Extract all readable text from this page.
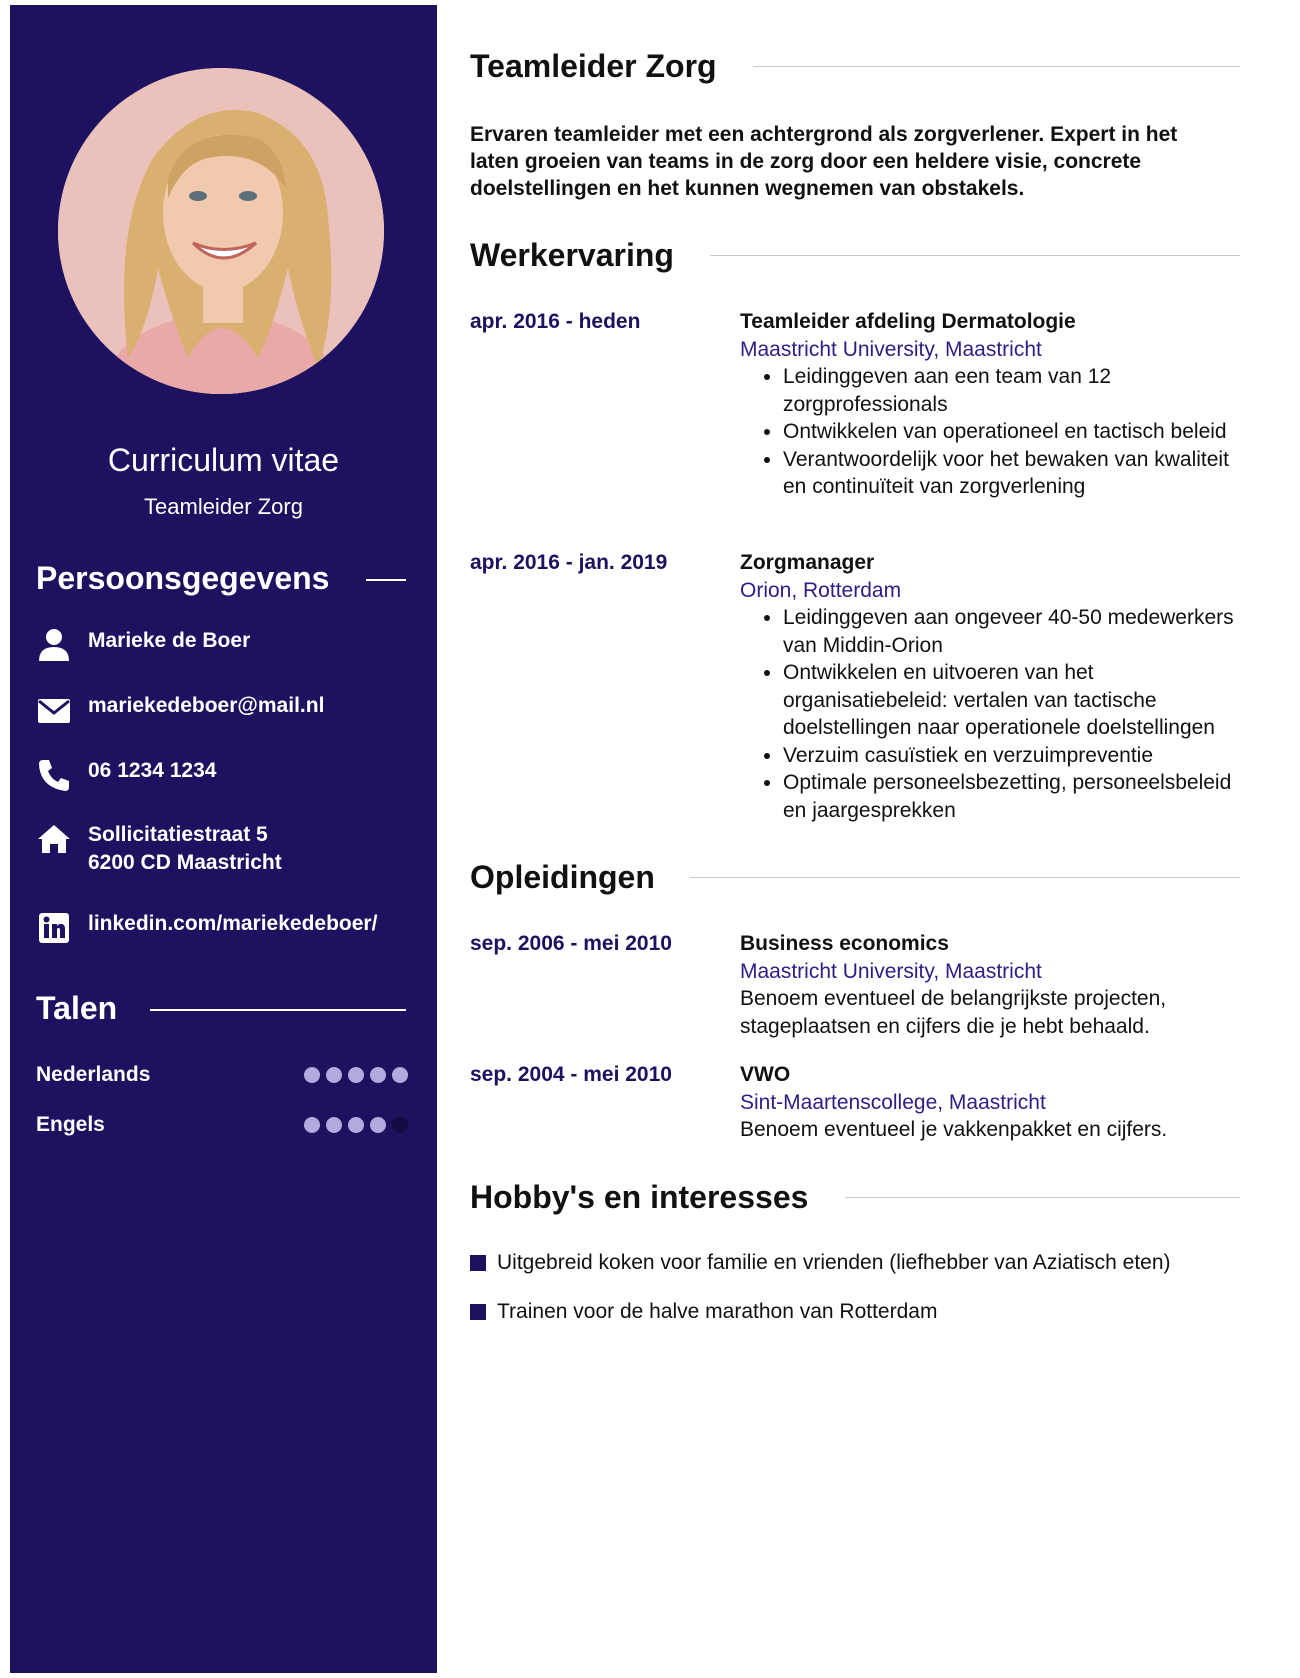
Curriculum vitae
Teamleider Zorg
Persoonsgegevens
Marieke de Boer
mariekedeboer@mail.nl
06 1234 1234
Sollicitatiestraat 5
6200 CD Maastricht
linkedin.com/mariekedeboer/
Talen
Nederlands
Engels
Teamleider Zorg
Ervaren teamleider met een achtergrond als zorgverlener. Expert in het laten groeien van teams in de zorg door een heldere visie, concrete doelstellingen en het kunnen wegnemen van obstakels.
Werkervaring
apr. 2016 - heden	Teamleider afdeling Dermatologie
Maastricht University, Maastricht
• Leidinggeven aan een team van 12 zorgprofessionals
• Ontwikkelen van operationeel en tactisch beleid
• Verantwoordelijk voor het bewaken van kwaliteit en continuïteit van zorgverlening
apr. 2016 - jan. 2019	Zorgmanager
Orion, Rotterdam
• Leidinggeven aan ongeveer 40-50 medewerkers van Middin-Orion
• Ontwikkelen en uitvoeren van het organisatiebeleid: vertalen van tactische doelstellingen naar operationele doelstellingen
• Verzuim casuïstiek en verzuimpreventie
• Optimale personeelsbezetting, personeelsbeleid en jaargesprekken
Opleidingen
sep. 2006 - mei 2010	Business economics
Maastricht University, Maastricht
Benoem eventueel de belangrijkste projecten, stageplaatsen en cijfers die je hebt behaald.
sep. 2004 - mei 2010	VWO
Sint-Maartenscollege, Maastricht
Benoem eventueel je vakkenpakket en cijfers.
Hobby's en interesses
Uitgebreid koken voor familie en vrienden (liefhebber van Aziatisch eten)
Trainen voor de halve marathon van Rotterdam
